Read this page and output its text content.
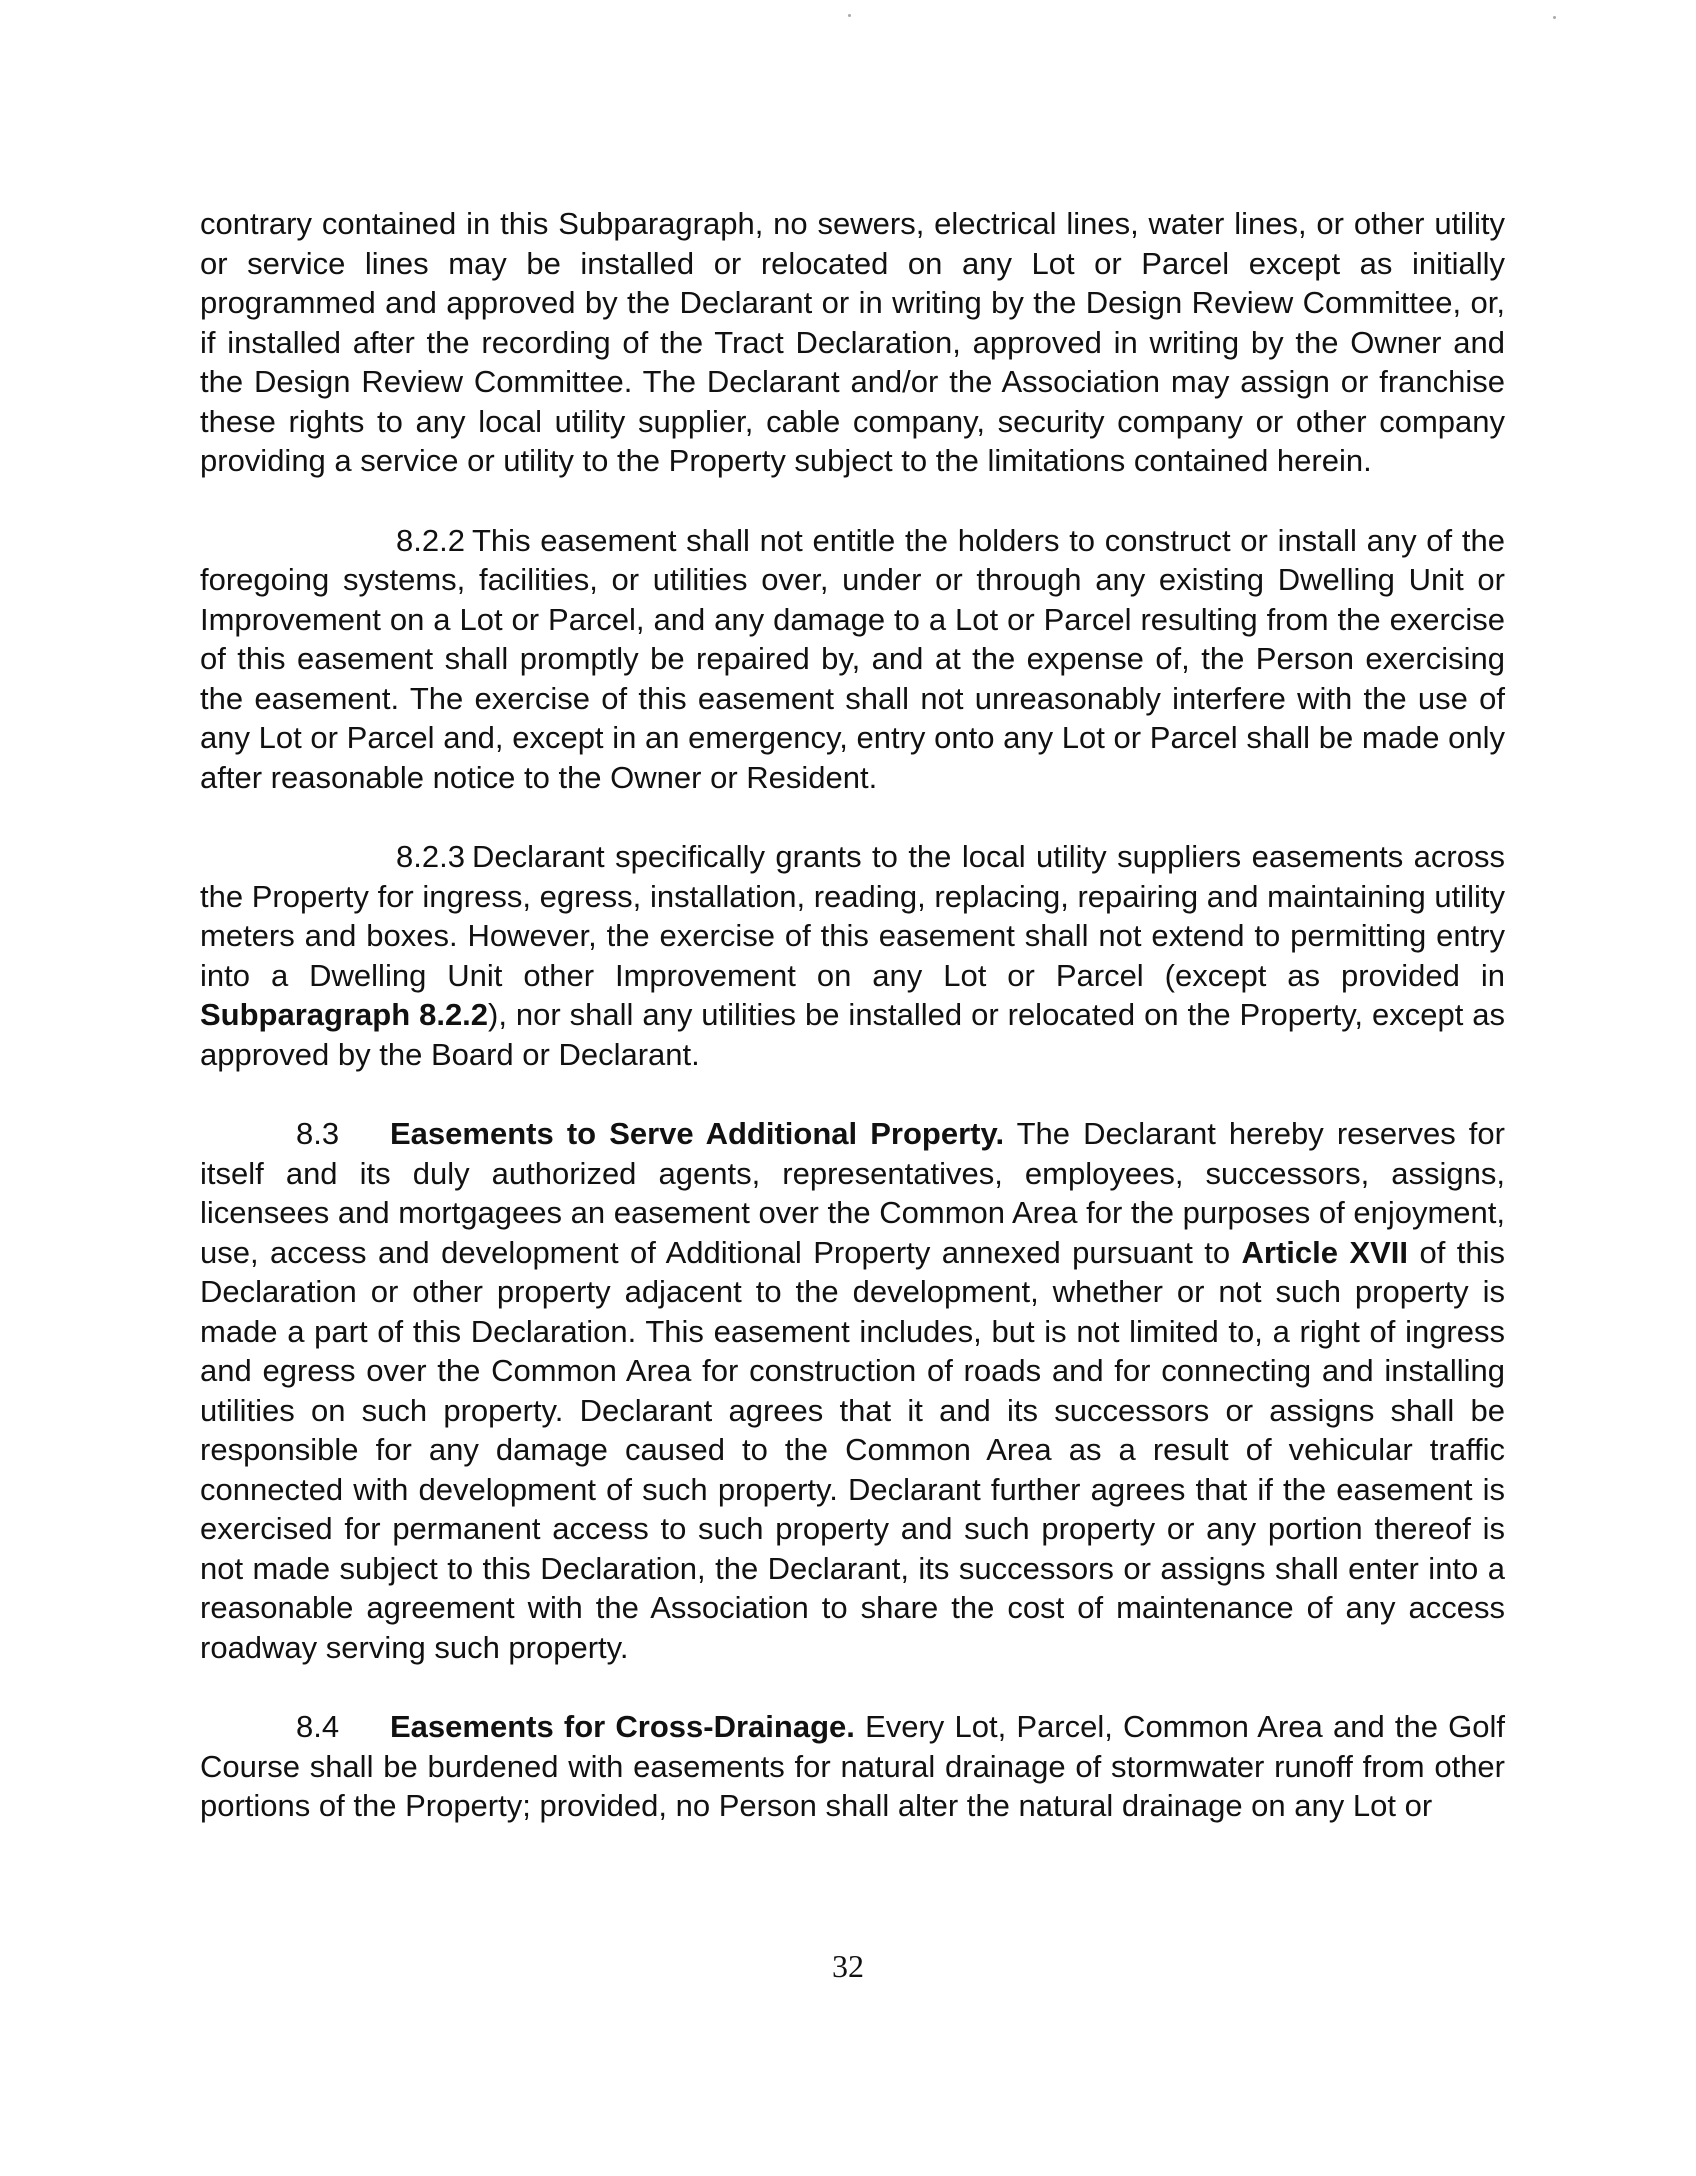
contrary contained in this Subparagraph, no sewers, electrical lines, water lines, or other utility or service lines may be installed or relocated on any Lot or Parcel except as initially programmed and approved by the Declarant or in writing by the Design Review Committee, or, if installed after the recording of the Tract Declaration, approved in writing by the Owner and the Design Review Committee. The Declarant and/or the Association may assign or franchise these rights to any local utility supplier, cable company, security company or other company providing a service or utility to the Property subject to the limitations contained herein.

8.2.2 This easement shall not entitle the holders to construct or install any of the foregoing systems, facilities, or utilities over, under or through any existing Dwelling Unit or Improvement on a Lot or Parcel, and any damage to a Lot or Parcel resulting from the exercise of this easement shall promptly be repaired by, and at the expense of, the Person exercising the easement. The exercise of this easement shall not unreasonably interfere with the use of any Lot or Parcel and, except in an emergency, entry onto any Lot or Parcel shall be made only after reasonable notice to the Owner or Resident.

8.2.3 Declarant specifically grants to the local utility suppliers easements across the Property for ingress, egress, installation, reading, replacing, repairing and maintaining utility meters and boxes. However, the exercise of this easement shall not extend to permitting entry into a Dwelling Unit other Improvement on any Lot or Parcel (except as provided in Subparagraph 8.2.2), nor shall any utilities be installed or relocated on the Property, except as approved by the Board or Declarant.

8.3 Easements to Serve Additional Property. The Declarant hereby reserves for itself and its duly authorized agents, representatives, employees, successors, assigns, licensees and mortgagees an easement over the Common Area for the purposes of enjoyment, use, access and development of Additional Property annexed pursuant to Article XVII of this Declaration or other property adjacent to the development, whether or not such property is made a part of this Declaration. This easement includes, but is not limited to, a right of ingress and egress over the Common Area for construction of roads and for connecting and installing utilities on such property. Declarant agrees that it and its successors or assigns shall be responsible for any damage caused to the Common Area as a result of vehicular traffic connected with development of such property. Declarant further agrees that if the easement is exercised for permanent access to such property and such property or any portion thereof is not made subject to this Declaration, the Declarant, its successors or assigns shall enter into a reasonable agreement with the Association to share the cost of maintenance of any access roadway serving such property.

8.4 Easements for Cross-Drainage. Every Lot, Parcel, Common Area and the Golf Course shall be burdened with easements for natural drainage of stormwater runoff from other portions of the Property; provided, no Person shall alter the natural drainage on any Lot or

32
